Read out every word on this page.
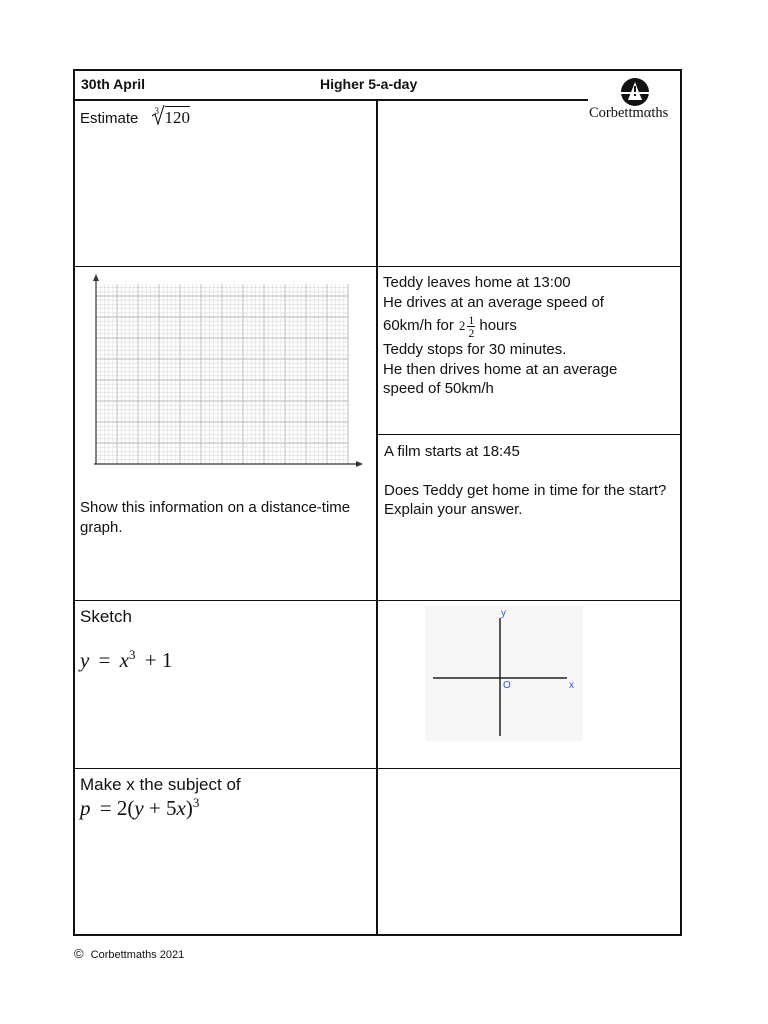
30th April	Higher 5-a-day
Corbettmαths
Estimate 3 120
Teddy leaves home at 13:00
He drives at an average speed of
60km/h for $2 \frac{1}{2}$ hours
Teddy stops for 30 minutes.
He then drives home at an average
speed of 50km/h
Show this information on a distance-time graph.
A film starts at 18:45
Does Teddy get home in time for the start?
Explain your answer.
Sketch
$y = x^3 + 1$
y
O	x
Make x the subject of
$p = 2(y + 5x)^3$
© Corbettmaths 2021
